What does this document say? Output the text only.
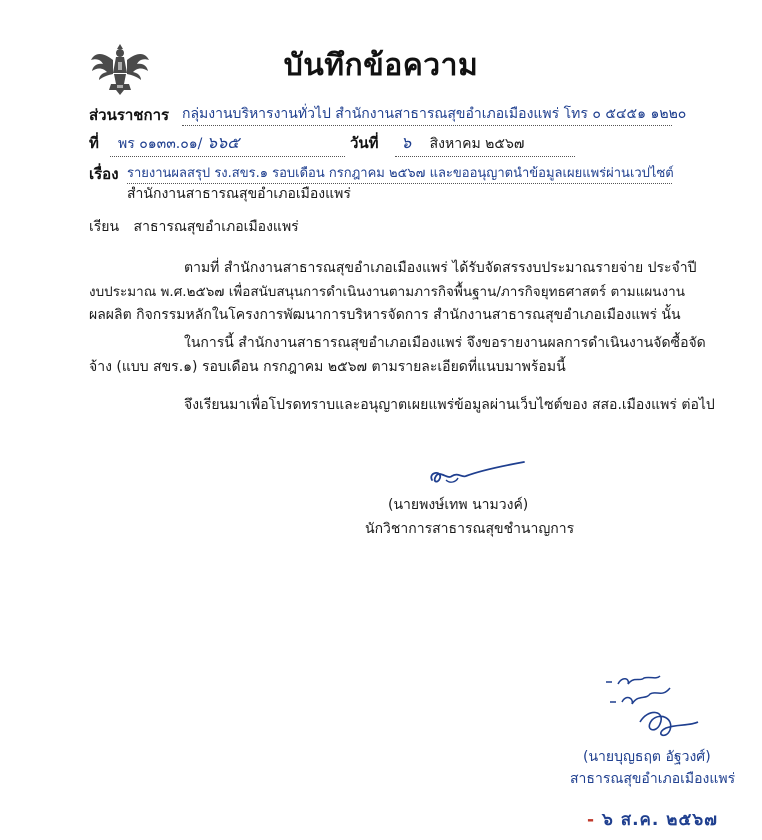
บันทึกข้อความ
ส่วนราชการ กลุ่มงานบริหารงานทั่วไป สำนักงานสาธารณสุขอำเภอเมืองแพร่ โทร ๐ ๕๔๕๑ ๑๒๒๐
ที่	พร ๐๑๓๓.๐๑/ ๖๖๕	วันที่	๖ สิงหาคม ๒๕๖๗
เรื่อง รายงานผลสรุป รง.สขร.๑ รอบเดือน กรกฎาคม ๒๕๖๗ และขออนุญาตนำข้อมูลเผยแพร่ผ่านเวปไซต์
สำนักงานสาธารณสุขอำเภอเมืองแพร่
เรียน สาธารณสุขอำเภอเมืองแพร่
ตามที่ สำนักงานสาธารณสุขอำเภอเมืองแพร่ ได้รับจัดสรรงบประมาณรายจ่าย ประจำปี
งบประมาณ พ.ศ.๒๕๖๗ เพื่อสนับสนุนการดำเนินงานตามภารกิจพื้นฐาน/ภารกิจยุทธศาสตร์ ตามแผนงาน
ผลผลิต กิจกรรมหลักในโครงการพัฒนาการบริหารจัดการ สำนักงานสาธารณสุขอำเภอเมืองแพร่ นั้น
ในการนี้ สำนักงานสาธารณสุขอำเภอเมืองแพร่ จึงขอรายงานผลการดำเนินงานจัดซื้อจัด
จ้าง (แบบ สขร.๑) รอบเดือน กรกฎาคม ๒๕๖๗ ตามรายละเอียดที่แนบมาพร้อมนี้
จึงเรียนมาเพื่อโปรดทราบและอนุญาตเผยแพร่ข้อมูลผ่านเว็บไซต์ของ สสอ.เมืองแพร่ ต่อไป
(นายพงษ์เทพ นามวงค์)
นักวิชาการสาธารณสุขชำนาญการ
(นายบุญธฤต อัฐวงศ์)
สาธารณสุขอำเภอเมืองแพร่
- ๖ ส.ค. ๒๕๖๗
